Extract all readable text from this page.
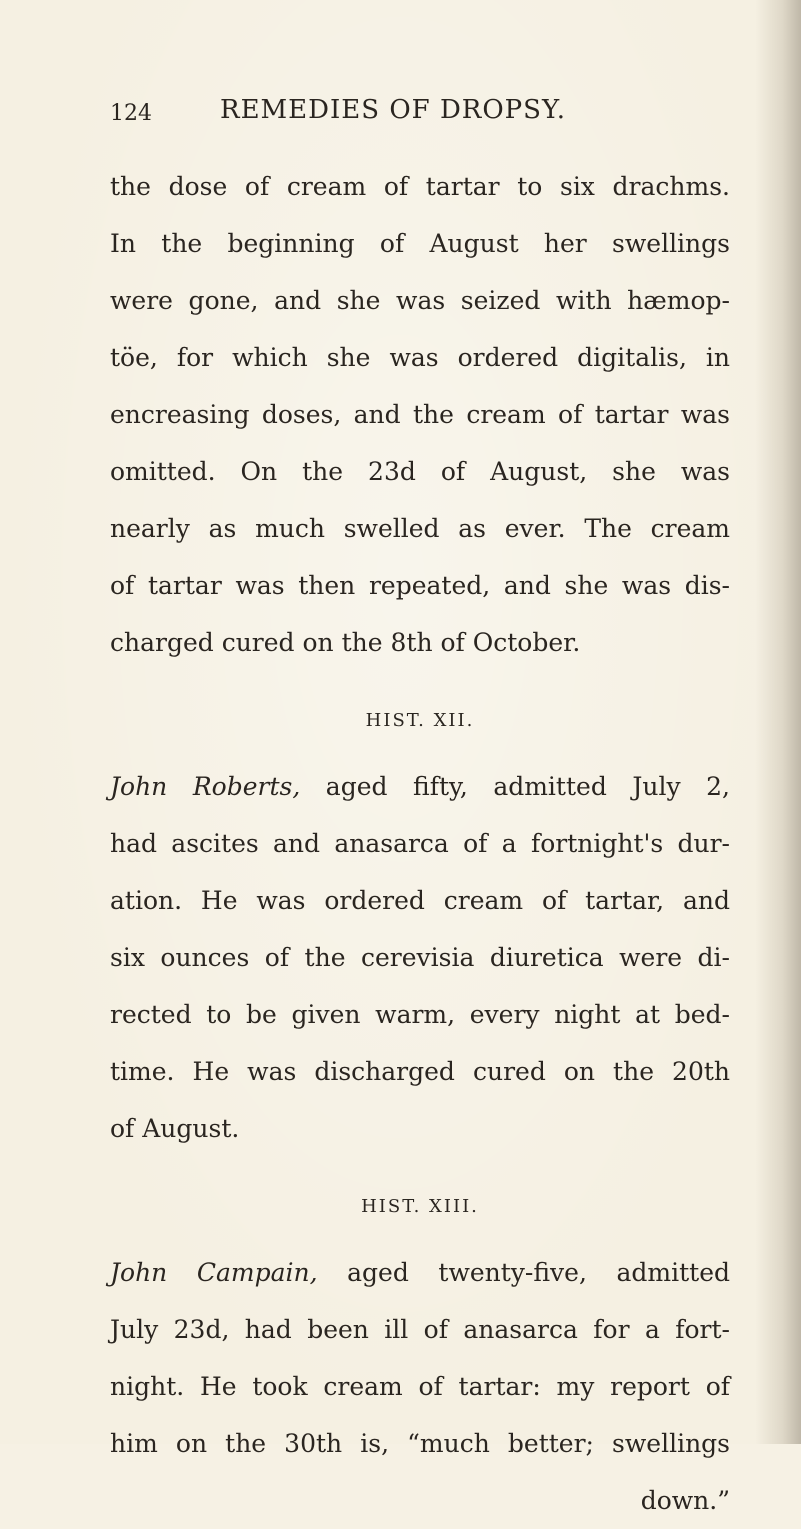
124	REMEDIES OF DROPSY.
the dose of cream of tartar to six drachms.
In the beginning of August her swellings
were gone, and she was seized with hæmop-
töe, for which she was ordered digitalis, in
encreasing doses, and the cream of tartar was
omitted. On the 23d of August, she was
nearly as much swelled as ever. The cream
of tartar was then repeated, and she was dis-
charged cured on the 8th of October.
HIST. XII.
John Roberts, aged fifty, admitted July 2,
had ascites and anasarca of a fortnight's dur-
ation. He was ordered cream of tartar, and
six ounces of the cerevisia diuretica were di-
rected to be given warm, every night at bed-
time. He was discharged cured on the 20th
of August.
HIST. XIII.
John Campain, aged twenty-five, admitted
July 23d, had been ill of anasarca for a fort-
night. He took cream of tartar: my report of
him on the 30th is, “much better; swellings
down.”
